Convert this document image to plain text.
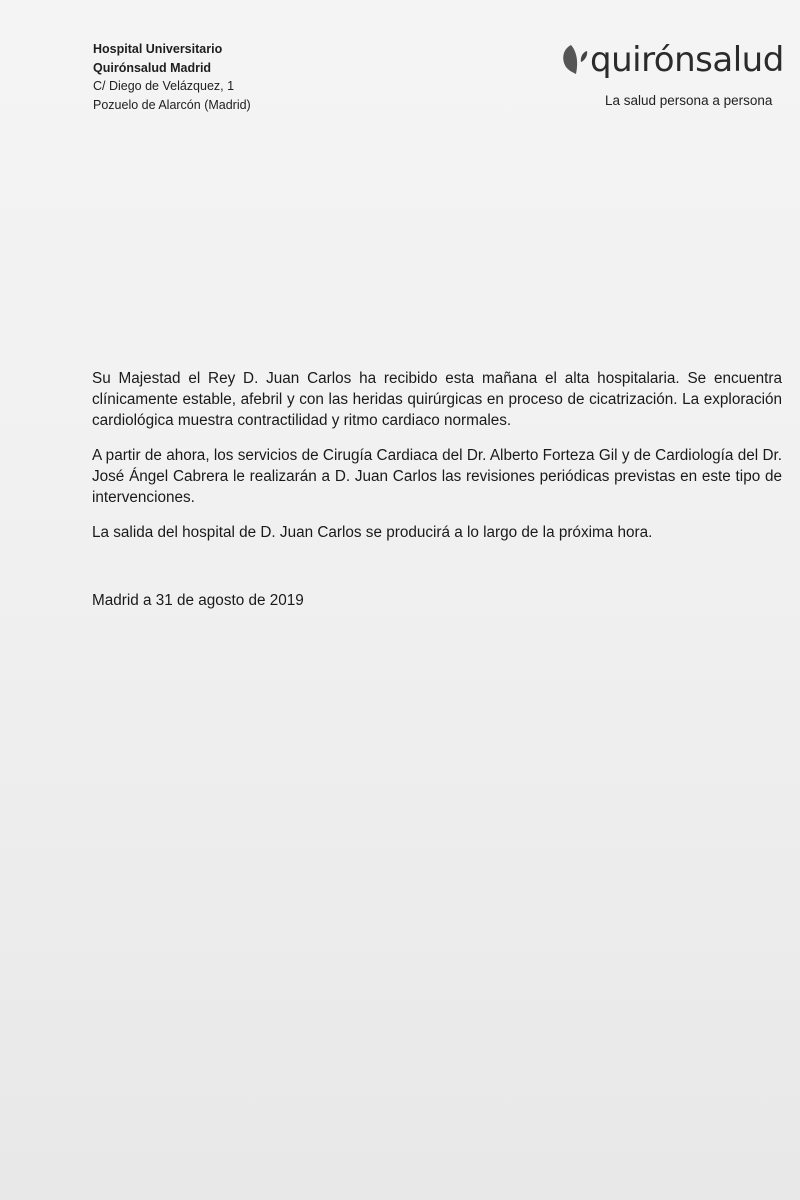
Hospital Universitario
Quirónsalud Madrid
C/ Diego de Velázquez, 1
Pozuelo de Alarcón (Madrid)
quirónsalud
La salud persona a persona

Su Majestad el Rey D. Juan Carlos ha recibido esta mañana el alta hospitalaria. Se encuentra clínicamente estable, afebril y con las heridas quirúrgicas en proceso de cicatrización. La exploración cardiológica muestra contractilidad y ritmo cardiaco normales.

A partir de ahora, los servicios de Cirugía Cardiaca del Dr. Alberto Forteza Gil y de Cardiología del Dr. José Ángel Cabrera le realizarán a D. Juan Carlos las revisiones periódicas previstas en este tipo de intervenciones.

La salida del hospital de D. Juan Carlos se producirá a lo largo de la próxima hora.

Madrid a 31 de agosto de 2019
